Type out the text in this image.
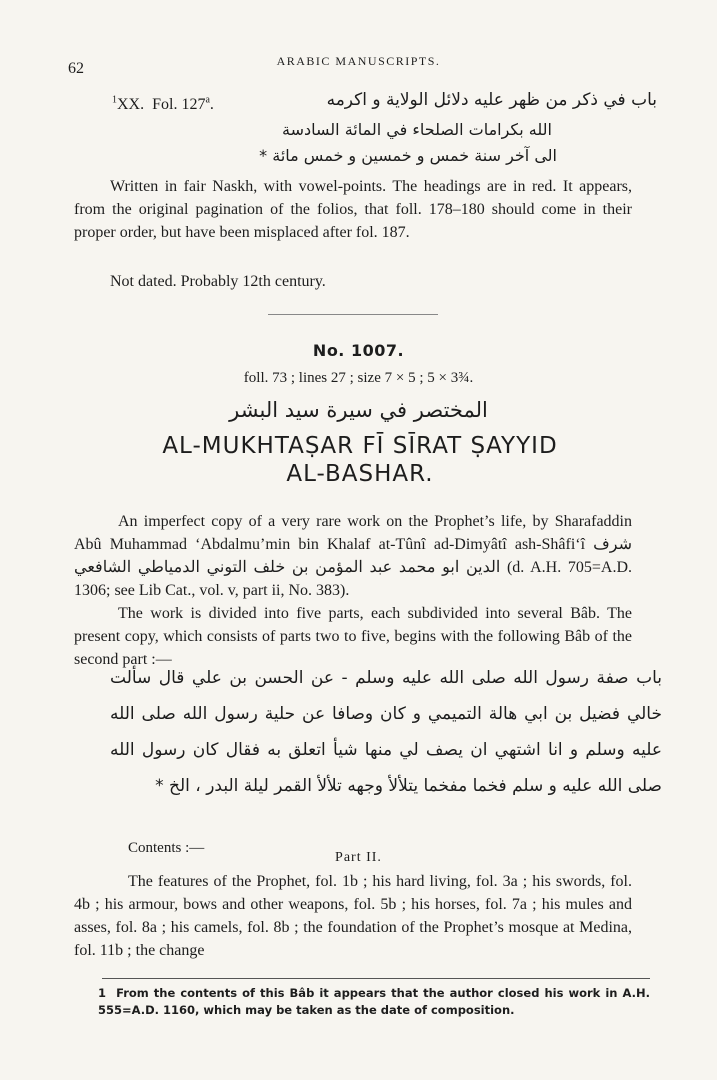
62	ARABIC MANUSCRIPTS.
$^1$XX. Fol. 127$^a$.	باب في ذكر من ظهر عليه دلائل الولاية و اكرمه
الله بكرامات الصلحاء في المائة السادسة
الى آخر سنة خمس و خمسين و خمس مائة *
Written in fair Naskh, with vowel-points. The headings are in red. It appears, from the original pagination of the folios, that foll. 178–180 should come in their proper order, but have been misplaced after fol. 187.
Not dated. Probably 12th century.
No. 1007.
foll. 73 ; lines 27 ; size 7 × 5 ; 5 × 3¾.
المختصر في سيرة سيد البشر
AL-MUKHTAṢAR FĪ SĪRAT ṢAYYID
AL-BASHAR.
An imperfect copy of a very rare work on the Prophet’s life, by Sharafaddin Abû Muhammad ‘Abdalmu’min bin Khalaf at-Tûnî ad-Dimyâtî ash-Shâfi‘î شرف الدين ابو محمد عبد المؤمن بن خلف التوني الدمياطي الشافعي (d. A.H. 705=A.D. 1306; see Lib Cat., vol. v, part ii, No. 383).
The work is divided into five parts, each subdivided into several Bâb. The present copy, which consists of parts two to five, begins with the following Bâb of the second part :—
باب صفة رسول الله صلى الله عليه وسلم - عن الحسن بن علي قال سألت خالي فضيل بن ابي هالة التميمي و كان وصافا عن حلية رسول الله صلى الله عليه وسلم و انا اشتهي ان يصف لي منها شيأ اتعلق به فقال كان رسول الله صلى الله عليه و سلم فخما مفخما يتلألأ وجهه تلألأ القمر ليلة البدر ، الخ *
Contents :—
Part II.
The features of the Prophet, fol. 1b ; his hard living, fol. 3a ; his swords, fol. 4b ; his armour, bows and other weapons, fol. 5b ; his horses, fol. 7a ; his mules and asses, fol. 8a ; his camels, fol. 8b ; the foundation of the Prophet’s mosque at Medina, fol. 11b ; the change
1 From the contents of this Bâb it appears that the author closed his work in A.H. 555=A.D. 1160, which may be taken as the date of composition.
